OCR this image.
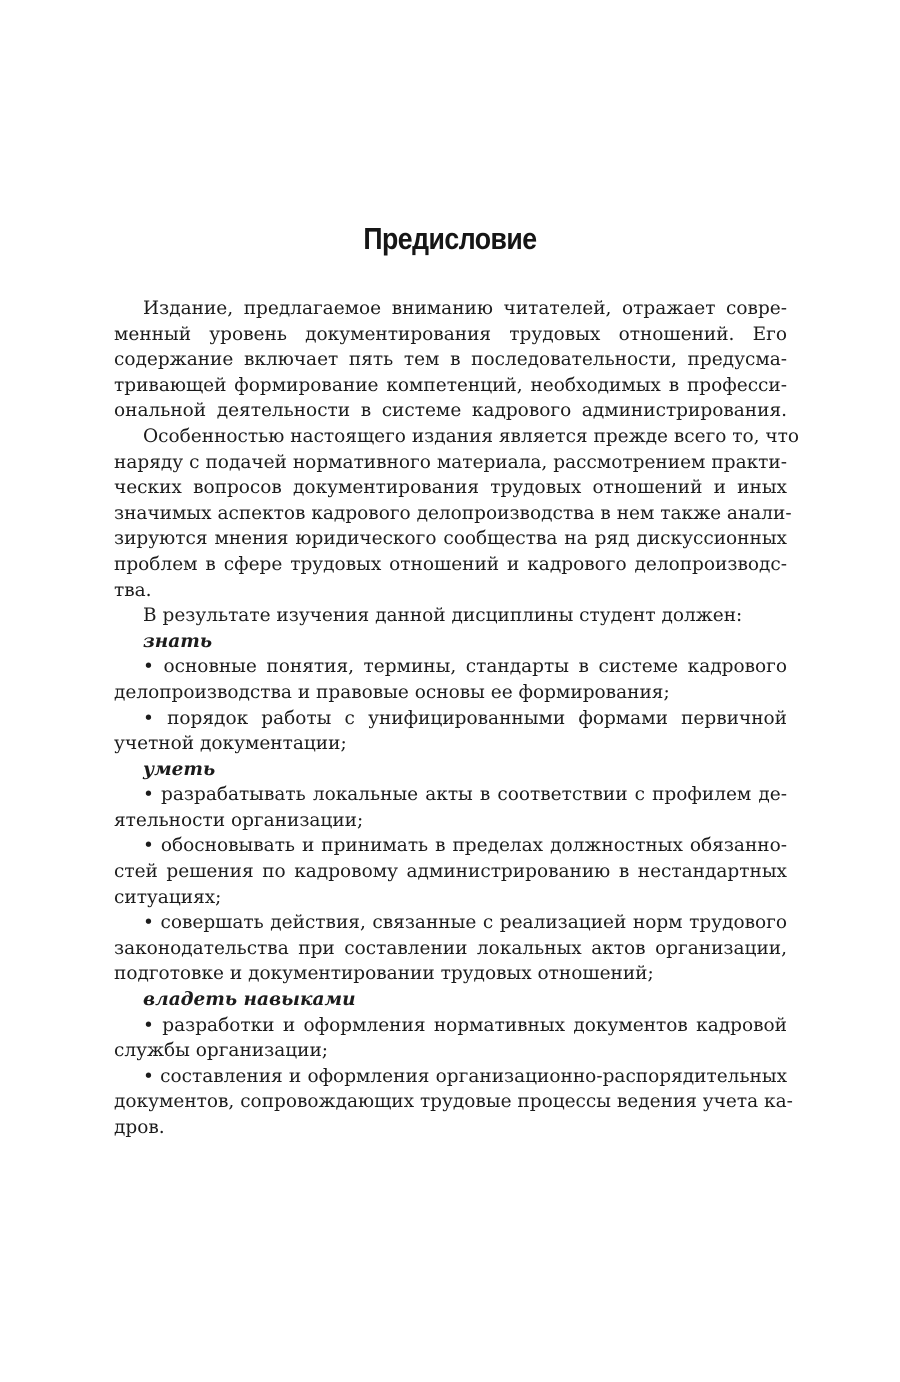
Предисловие
Издание, предлагаемое вниманию читателей, отражает совре-
менный уровень документирования трудовых отношений. Его
содержание включает пять тем в последовательности, предусма-
тривающей формирование компетенций, необходимых в професси-
ональной деятельности в системе кадрового администрирования.
Особенностью настоящего издания является прежде всего то, что
наряду с подачей нормативного материала, рассмотрением практи-
ческих вопросов документирования трудовых отношений и иных
значимых аспектов кадрового делопроизводства в нем также анали-
зируются мнения юридического сообщества на ряд дискуссионных
проблем в сфере трудовых отношений и кадрового делопроизводс-
тва.
В результате изучения данной дисциплины студент должен:
знать
• основные понятия, термины, стандарты в системе кадрового
делопроизводства и правовые основы ее формирования;
• порядок работы с унифицированными формами первичной
учетной документации;
уметь
• разрабатывать локальные акты в соответствии с профилем де-
ятельности организации;
• обосновывать и принимать в пределах должностных обязанно-
стей решения по кадровому администрированию в нестандартных
ситуациях;
• совершать действия, связанные с реализацией норм трудового
законодательства при составлении локальных актов организации,
подготовке и документировании трудовых отношений;
владеть навыками
• разработки и оформления нормативных документов кадровой
службы организации;
• составления и оформления организационно-распорядительных
документов, сопровождающих трудовые процессы ведения учета ка-
дров.
